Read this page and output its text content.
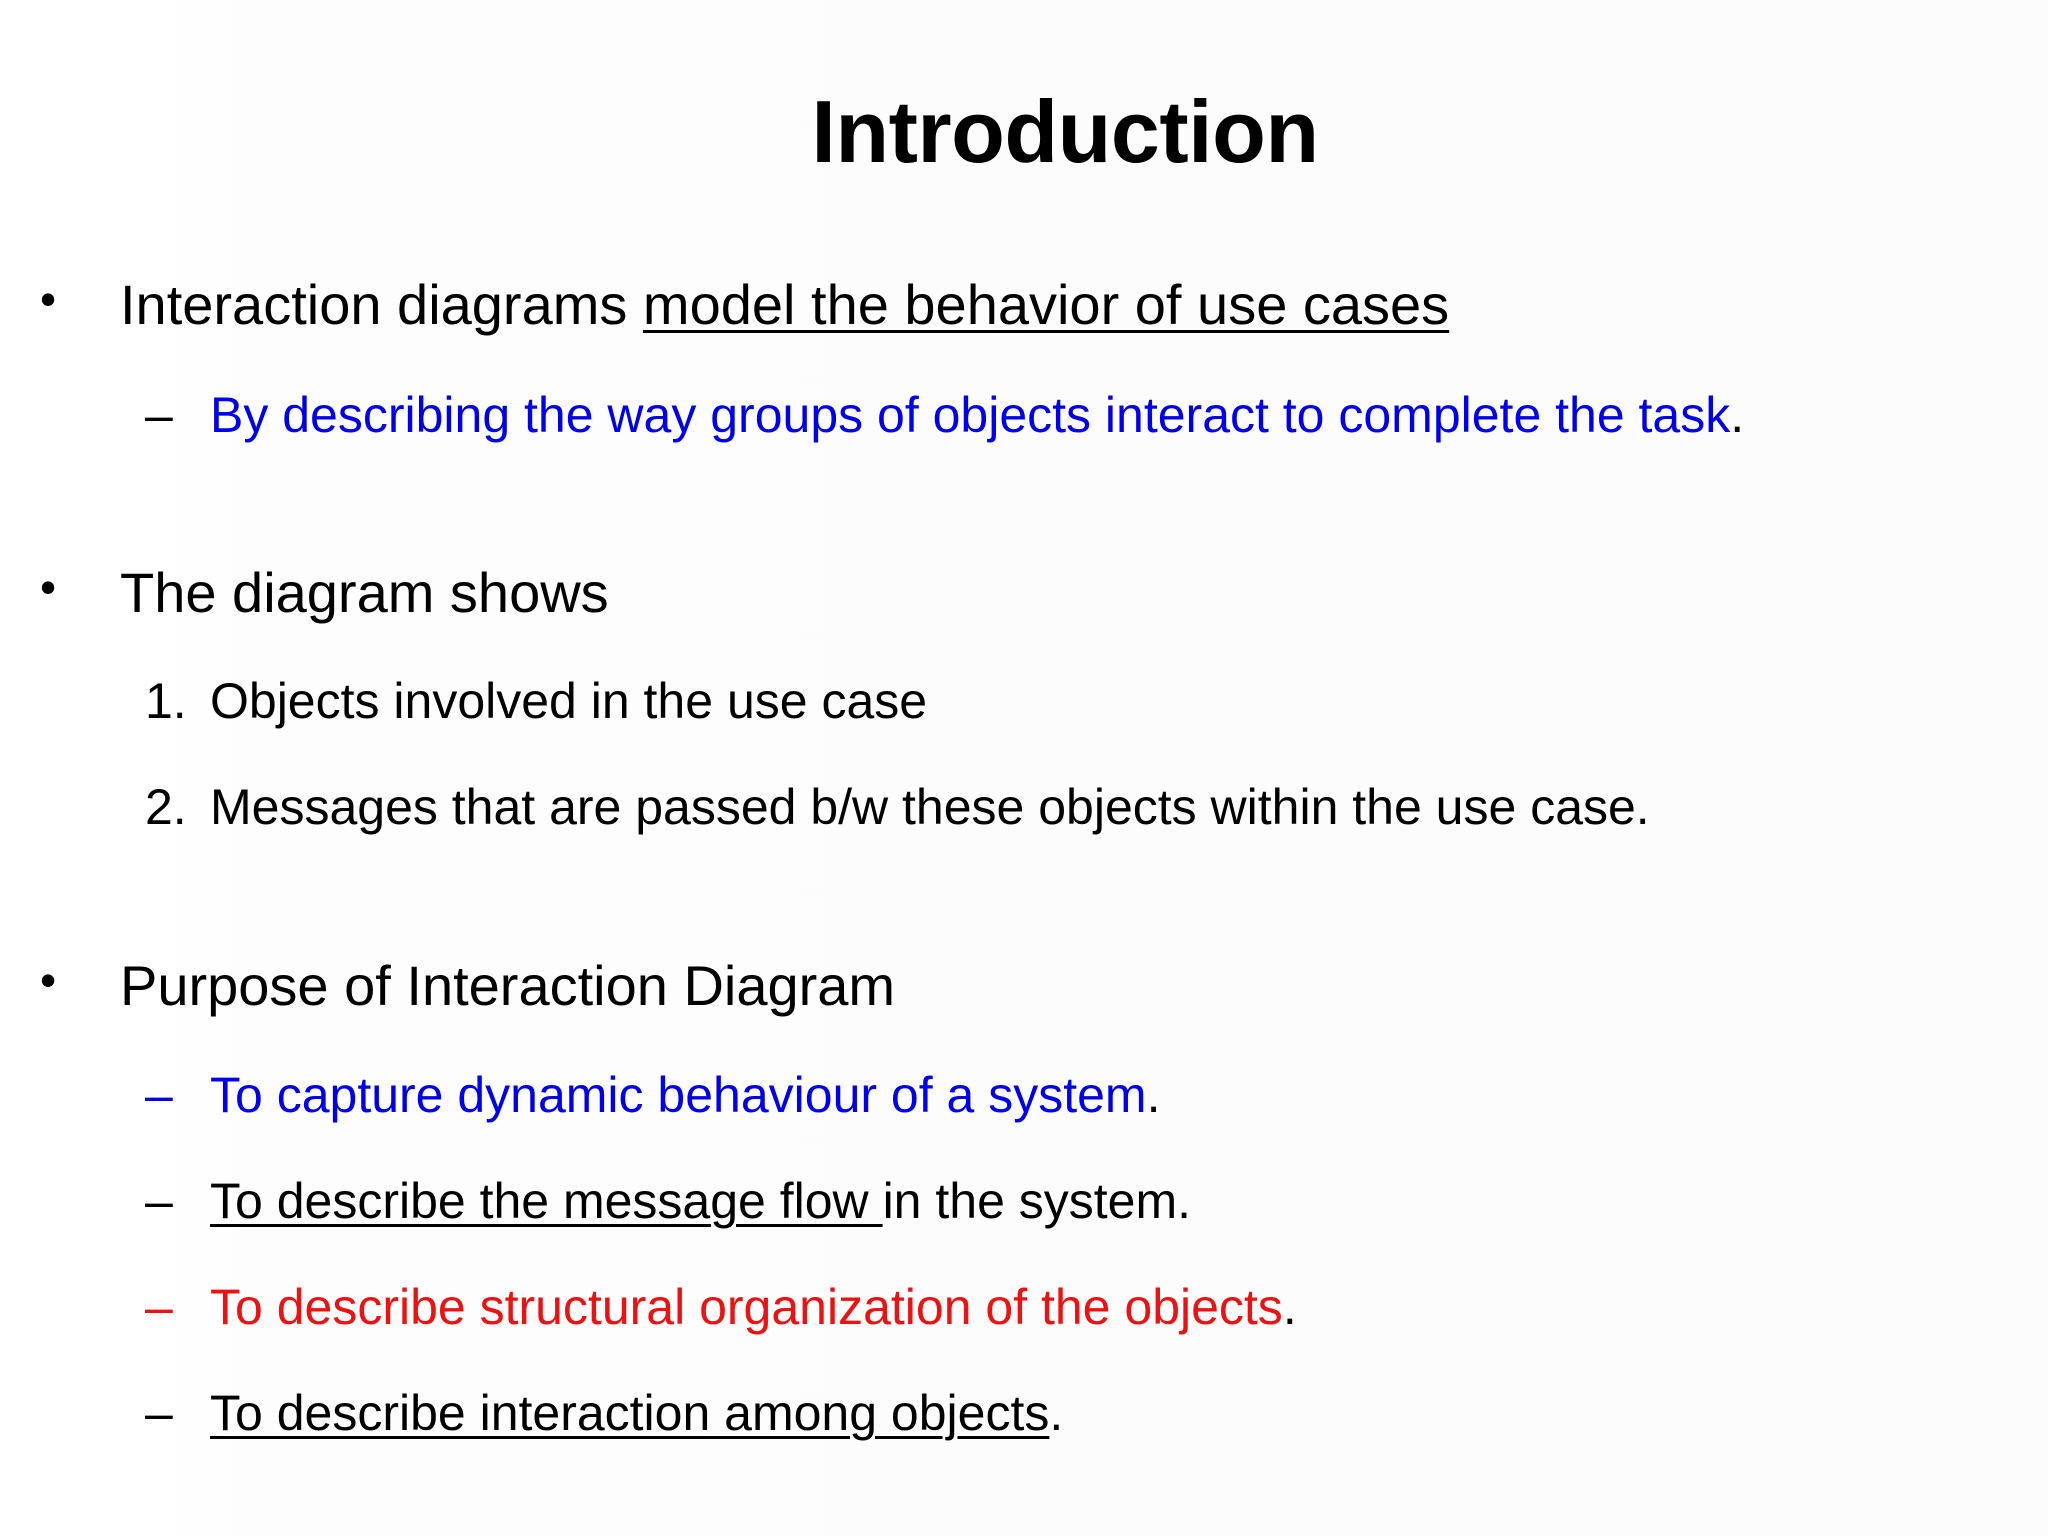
Introduction
• Interaction diagrams model the behavior of use cases
– By describing the way groups of objects interact to complete the task.
• The diagram shows
1. Objects involved in the use case
2. Messages that are passed b/w these objects within the use case.
• Purpose of Interaction Diagram
– To capture dynamic behaviour of a system.
– To describe the message flow in the system.
– To describe structural organization of the objects.
– To describe interaction among objects.
